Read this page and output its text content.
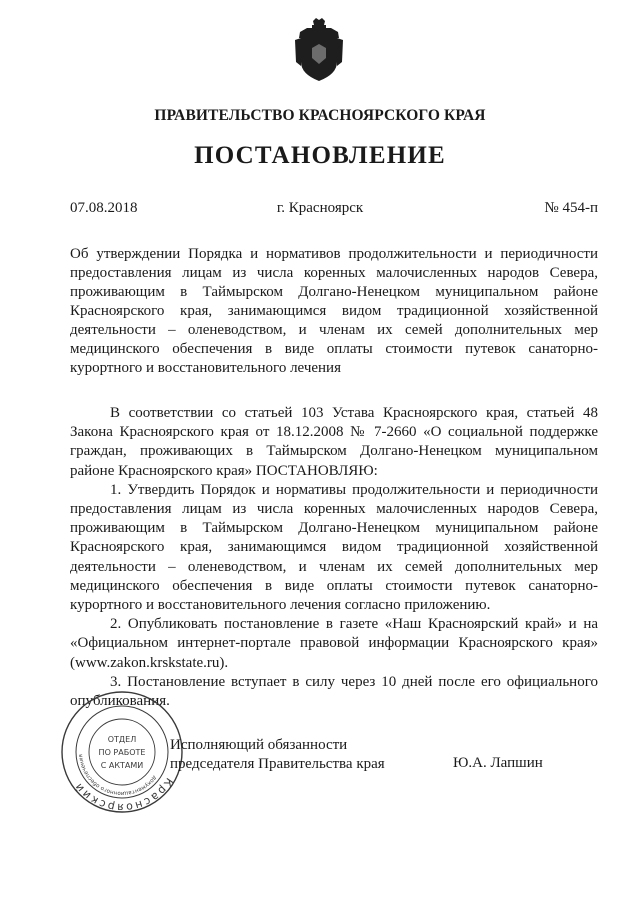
ПРАВИТЕЛЬСТВО КРАСНОЯРСКОГО КРАЯ
ПОСТАНОВЛЕНИЕ
07.08.2018	г. Красноярск	№ 454-п
Об утверждении Порядка и нормативов продолжительности и периодичности предоставления лицам из числа коренных малочисленных народов Севера, проживающим в Таймырском Долгано-Ненецком муниципальном районе Красноярского края, занимающимся видом традиционной хозяйственной деятельности – оленеводством, и членам их семей дополнительных мер медицинского обеспечения в виде оплаты стоимости путевок санаторно-курортного и восстановительного лечения

В соответствии со статьей 103 Устава Красноярского края, статьей 48 Закона Красноярского края от 18.12.2008 № 7-2660 «О социальной поддержке граждан, проживающих в Таймырском Долгано-Ненецком муниципальном районе Красноярского края» ПОСТАНОВЛЯЮ:

1. Утвердить Порядок и нормативы продолжительности и периодичности предоставления лицам из числа коренных малочисленных народов Севера, проживающим в Таймырском Долгано-Ненецком муниципальном районе Красноярского края, занимающимся видом традиционной хозяйственной деятельности – оленеводством, и членам их семей дополнительных мер медицинского обеспечения в виде оплаты стоимости путевок санаторно-курортного и восстановительного лечения согласно приложению.

2. Опубликовать постановление в газете «Наш Красноярский край» и на «Официальном интернет-портале правовой информации Красноярского края» (www.zakon.krskstate.ru).

3. Постановление вступает в силу через 10 дней после его официального опубликования.

Красноярский
документационного обеспечения
ОТДЕЛ
ПО РАБОТЕ
С АКТАМИ
Исполняющий обязанности
председателя Правительства края	Ю.А. Лапшин
